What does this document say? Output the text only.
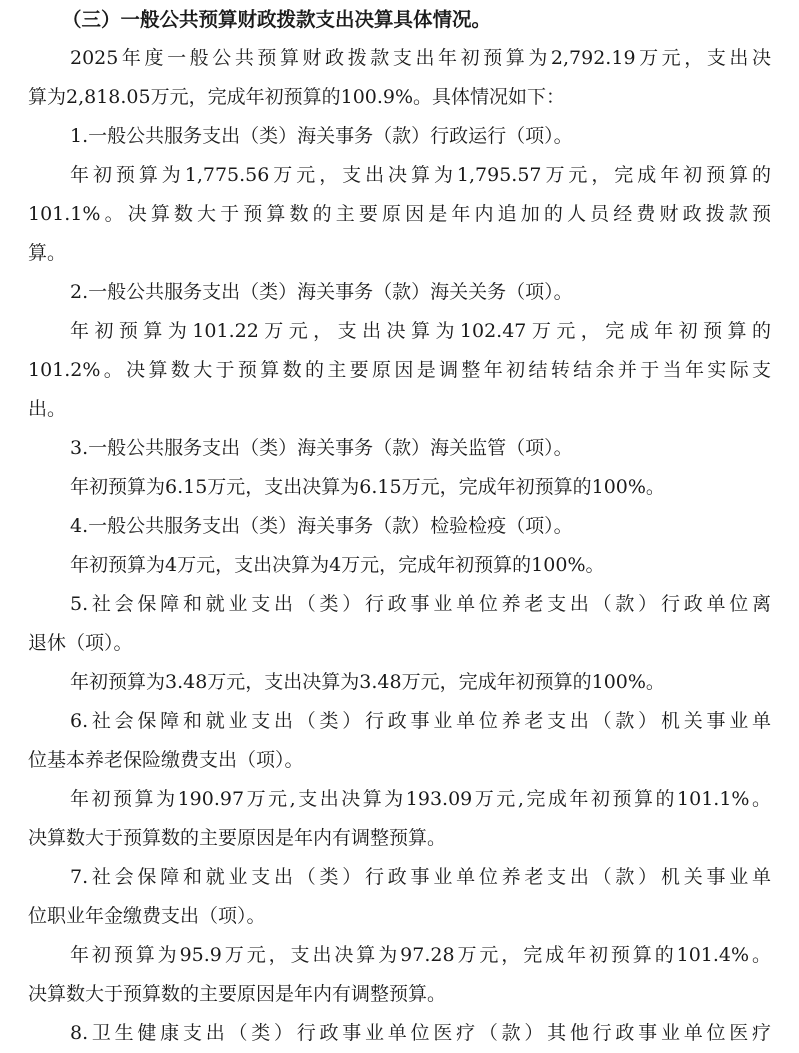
（三）一般公共预算财政拨款支出决算具体情况。
2025年度一般公共预算财政拨款支出年初预算为2,792.19万元，支出决
算为2,818.05万元，完成年初预算的100.9%。具体情况如下：
1.一般公共服务支出（类）海关事务（款）行政运行（项）。
年初预算为1,775.56万元，支出决算为1,795.57万元，完成年初预算的
101.1%。决算数大于预算数的主要原因是年内追加的人员经费财政拨款预
算。
2.一般公共服务支出（类）海关事务（款）海关关务（项）。
年初预算为101.22万元，支出决算为102.47万元，完成年初预算的
101.2%。决算数大于预算数的主要原因是调整年初结转结余并于当年实际支
出。
3.一般公共服务支出（类）海关事务（款）海关监管（项）。
年初预算为6.15万元，支出决算为6.15万元，完成年初预算的100%。
4.一般公共服务支出（类）海关事务（款）检验检疫（项）。
年初预算为4万元，支出决算为4万元，完成年初预算的100%。
5.社会保障和就业支出（类）行政事业单位养老支出（款）行政单位离
退休（项）。
年初预算为3.48万元，支出决算为3.48万元，完成年初预算的100%。
6.社会保障和就业支出（类）行政事业单位养老支出（款）机关事业单
位基本养老保险缴费支出（项）。
年初预算为190.97万元,支出决算为193.09万元,完成年初预算的101.1%。
决算数大于预算数的主要原因是年内有调整预算。
7.社会保障和就业支出（类）行政事业单位养老支出（款）机关事业单
位职业年金缴费支出（项）。
年初预算为95.9万元，支出决算为97.28万元，完成年初预算的101.4%。
决算数大于预算数的主要原因是年内有调整预算。
8.卫生健康支出（类）行政事业单位医疗（款）其他行政事业单位医疗
